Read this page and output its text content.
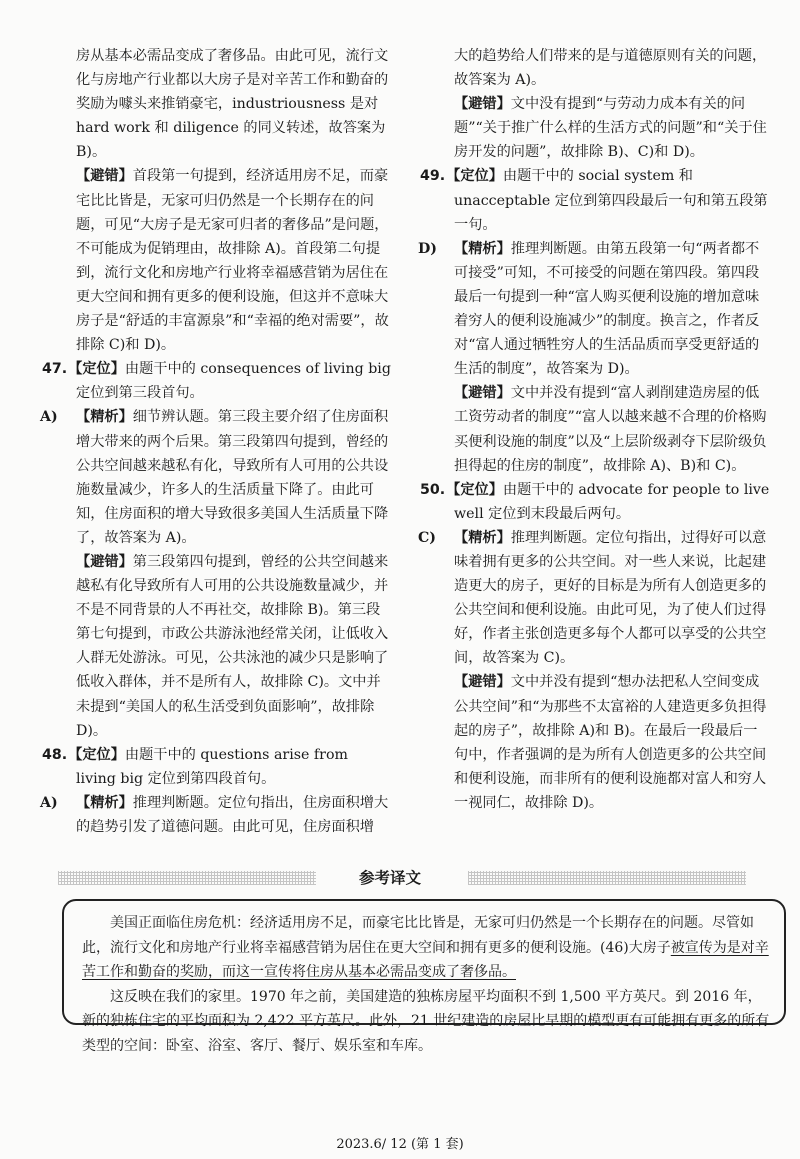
房从基本必需品变成了奢侈品。由此可见，流行文化与房地产行业都以大房子是对辛苦工作和勤奋的奖励为噱头来推销豪宅，industriousness 是对 hard work 和 diligence 的同义转述，故答案为 B)。

【避错】首段第一句提到，经济适用房不足，而豪宅比比皆是，无家可归仍然是一个长期存在的问题，可见“大房子是无家可归者的奢侈品”是问题，不可能成为促销理由，故排除 A)。首段第二句提到，流行文化和房地产行业将幸福感营销为居住在更大空间和拥有更多的便利设施，但这并不意味大房子是“舒适的丰富源泉”和“幸福的绝对需要”，故排除 C)和 D)。

47.【定位】由题干中的 consequences of living big 定位到第三段首句。

A) 【精析】细节辨认题。第三段主要介绍了住房面积增大带来的两个后果。第三段第四句提到，曾经的公共空间越来越私有化，导致所有人可用的公共设施数量减少，许多人的生活质量下降了。由此可知，住房面积的增大导致很多美国人生活质量下降了，故答案为 A)。

【避错】第三段第四句提到，曾经的公共空间越来越私有化导致所有人可用的公共设施数量减少，并不是不同背景的人不再社交，故排除 B)。第三段第七句提到，市政公共游泳池经常关闭，让低收入人群无处游泳。可见，公共泳池的减少只是影响了低收入群体，并不是所有人，故排除 C)。文中并未提到“美国人的私生活受到负面影响”，故排除 D)。

48.【定位】由题干中的 questions arise from living big 定位到第四段首句。

A) 【精析】推理判断题。定位句指出，住房面积增大的趋势引发了道德问题。由此可见，住房面积增

大的趋势给人们带来的是与道德原则有关的问题，故答案为 A)。

【避错】文中没有提到“与劳动力成本有关的问题”“关于推广什么样的生活方式的问题”和“关于住房开发的问题”，故排除 B)、C)和 D)。

49.【定位】由题干中的 social system 和 unacceptable 定位到第四段最后一句和第五段第一句。

D) 【精析】推理判断题。由第五段第一句“两者都不可接受”可知，不可接受的问题在第四段。第四段最后一句提到一种“富人购买便利设施的增加意味着穷人的便利设施减少”的制度。换言之，作者反对“富人通过牺牲穷人的生活品质而享受更舒适的生活的制度”，故答案为 D)。

【避错】文中并没有提到“富人剥削建造房屋的低工资劳动者的制度”“富人以越来越不合理的价格购买便利设施的制度”以及“上层阶级剥夺下层阶级负担得起的住房的制度”，故排除 A)、B)和 C)。

50.【定位】由题干中的 advocate for people to live well 定位到末段最后两句。

C) 【精析】推理判断题。定位句指出，过得好可以意味着拥有更多的公共空间。对一些人来说，比起建造更大的房子，更好的目标是为所有人创造更多的公共空间和便利设施。由此可见，为了使人们过得好，作者主张创造更多每个人都可以享受的公共空间，故答案为 C)。

【避错】文中并没有提到“想办法把私人空间变成公共空间”和“为那些不太富裕的人建造更多负担得起的房子”，故排除 A)和 B)。在最后一段最后一句中，作者强调的是为所有人创造更多的公共空间和便利设施，而非所有的便利设施都对富人和穷人一视同仁，故排除 D)。

参考译文

美国正面临住房危机：经济适用房不足，而豪宅比比皆是，无家可归仍然是一个长期存在的问题。尽管如此，流行文化和房地产行业将幸福感营销为居住在更大空间和拥有更多的便利设施。(46)大房子被宣传为是对辛苦工作和勤奋的奖励，而这一宣传将住房从基本必需品变成了奢侈品。

这反映在我们的家里。1970 年之前，美国建造的独栋房屋平均面积不到 1,500 平方英尺。到 2016 年，新的独栋住宅的平均面积为 2,422 平方英尺。此外，21 世纪建造的房屋比早期的模型更有可能拥有更多的所有类型的空间：卧室、浴室、客厅、餐厅、娱乐室和车库。

2023.6/ 12 (第 1 套)
